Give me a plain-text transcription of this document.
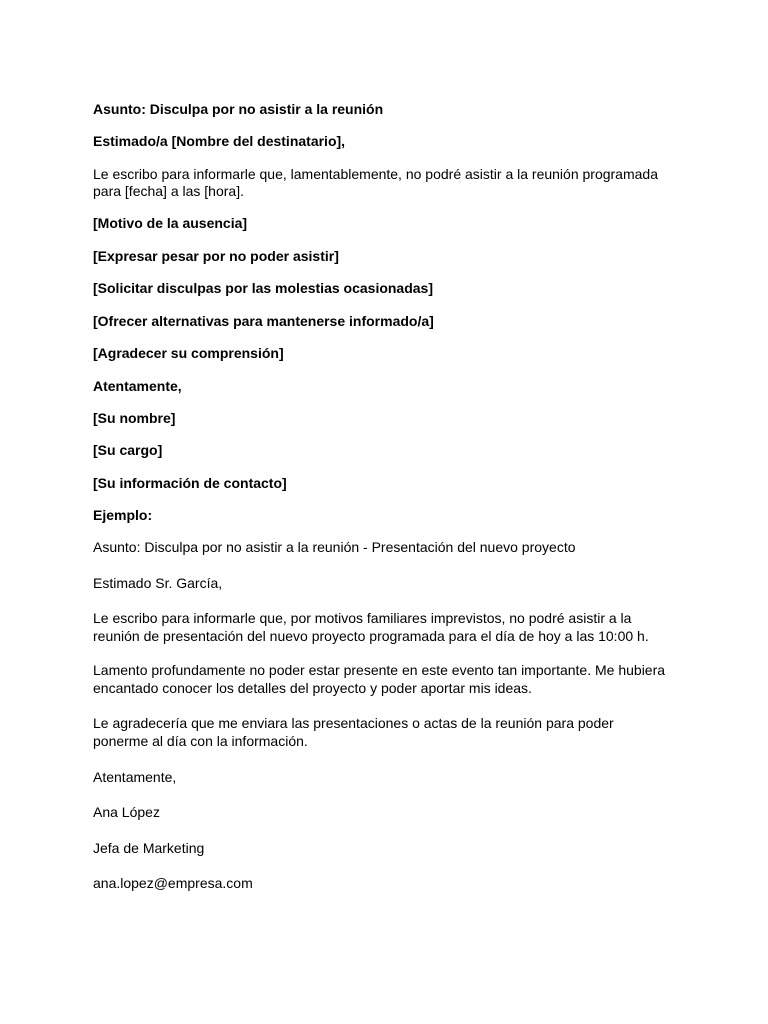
Asunto: Disculpa por no asistir a la reunión
Estimado/a [Nombre del destinatario],
Le escribo para informarle que, lamentablemente, no podré asistir a la reunión programada
para [fecha] a las [hora].
[Motivo de la ausencia]
[Expresar pesar por no poder asistir]
[Solicitar disculpas por las molestias ocasionadas]
[Ofrecer alternativas para mantenerse informado/a]
[Agradecer su comprensión]
Atentamente,
[Su nombre]
[Su cargo]
[Su información de contacto]
Ejemplo:
Asunto: Disculpa por no asistir a la reunión - Presentación del nuevo proyecto
Estimado Sr. García,
Le escribo para informarle que, por motivos familiares imprevistos, no podré asistir a la
reunión de presentación del nuevo proyecto programada para el día de hoy a las 10:00 h.
Lamento profundamente no poder estar presente en este evento tan importante. Me hubiera
encantado conocer los detalles del proyecto y poder aportar mis ideas.
Le agradecería que me enviara las presentaciones o actas de la reunión para poder
ponerme al día con la información.
Atentamente,
Ana López
Jefa de Marketing
ana.lopez@empresa.com
